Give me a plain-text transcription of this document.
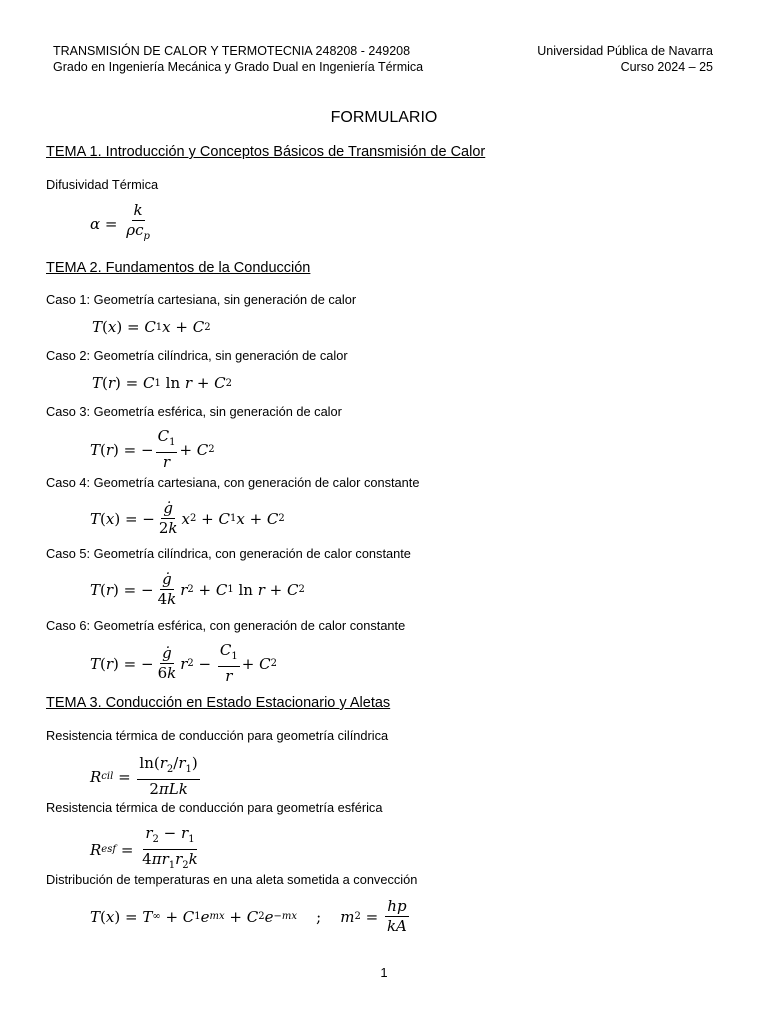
TRANSMISIÓN DE CALOR Y TERMOTECNIA 248208 - 249208
Grado en Ingeniería Mecánica y Grado Dual en Ingeniería Térmica
Universidad Pública de Navarra
Curso 2024 – 25
FORMULARIO
TEMA 1. Introducción y Conceptos Básicos de Transmisión de Calor
Difusividad Térmica
$\alpha = \frac{k}{\rho c_p}$
TEMA 2. Fundamentos de la Conducción
Caso 1: Geometría cartesiana, sin generación de calor
T ( x ) = C 1 x + C 2
Caso 2: Geometría cilíndrica, sin generación de calor
T ( r ) = C 1 ln r + C 2
Caso 3: Geometría esférica, sin generación de calor
T ( r ) = − $\frac{C_1}{r} + C$ 2
Caso 4: Geometría cartesiana, con generación de calor constante
T ( x ) = − $\frac{ġ}{2k}$ x 2 + C 1 x + C 2
Caso 5: Geometría cilíndrica, con generación de calor constante
T ( r ) = − $\frac{ġ}{4k}$ r 2 + C 1 ln r + C 2
Caso 6: Geometría esférica, con generación de calor constante
T ( r ) = − $\frac{ġ}{6k}$ r $2 - \frac{C_1}{r} + C$ 2
TEMA 3. Conducción en Estado Estacionario y Aletas
Resistencia térmica de conducción para geometría cilíndrica
R cil = $\frac{\ln(r_2/r_1)}{\text{2πLk}}$
Resistencia térmica de conducción para geometría esférica
R esf = $\frac{r_2 - r_1}{4\pi r_1r_2k}$
Distribución de temperaturas en una aleta sometida a convección
T ( x ) = T ∞ + C 1 e mx + C 2 e −mx ; m $2 = \frac{hp}{kA}$
1
